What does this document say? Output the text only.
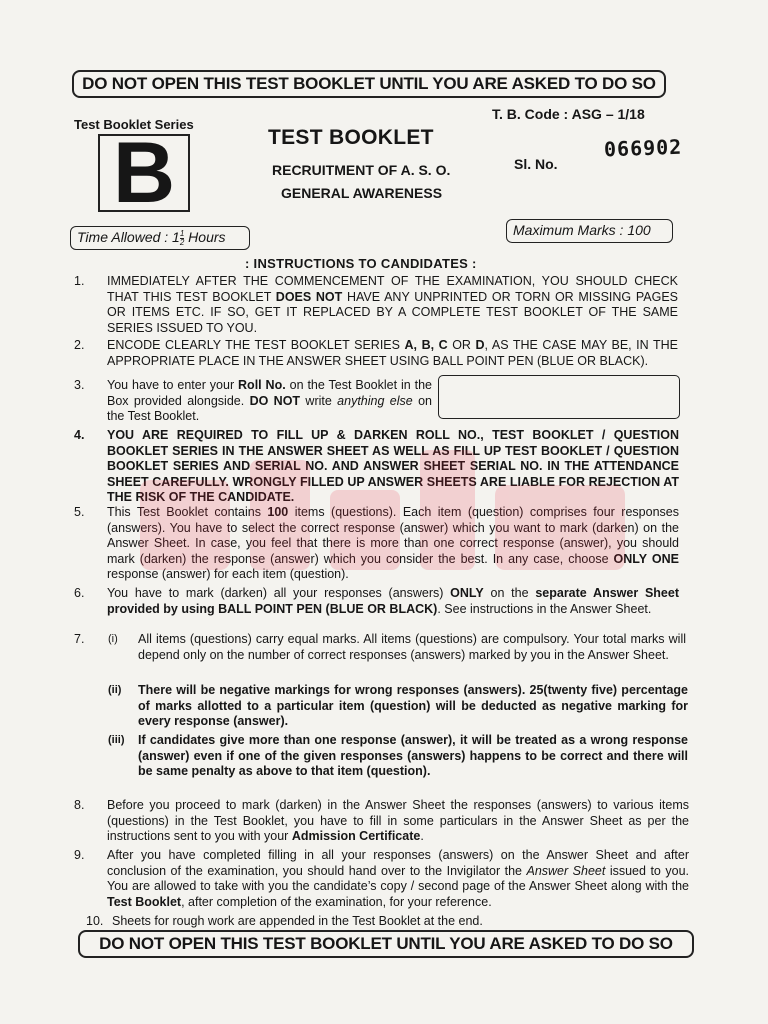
DO NOT OPEN THIS TEST BOOKLET UNTIL YOU ARE ASKED TO DO SO
Test Booklet Series
B	TEST BOOKLET
RECRUITMENT OF A. S. O.
GENERAL AWARENESS
T. B. Code : ASG – 1/18
Sl. No.
066902
Time Allowed : $1 \frac{1}{2}$ Hours	Maximum Marks : 100
: INSTRUCTIONS TO CANDIDATES :
1. IMMEDIATELY AFTER THE COMMENCEMENT OF THE EXAMINATION, YOU SHOULD CHECK THAT THIS TEST BOOKLET DOES NOT HAVE ANY UNPRINTED OR TORN OR MISSING PAGES OR ITEMS ETC. IF SO, GET IT REPLACED BY A COMPLETE TEST BOOKLET OF THE SAME SERIES ISSUED TO YOU.
2. ENCODE CLEARLY THE TEST BOOKLET SERIES A, B, C OR D, AS THE CASE MAY BE, IN THE APPROPRIATE PLACE IN THE ANSWER SHEET USING BALL POINT PEN (BLUE OR BLACK).
3. You have to enter your Roll No. on the Test Booklet in the Box provided alongside. DO NOT write anything else on the Test Booklet.
4. YOU ARE REQUIRED TO FILL UP & DARKEN ROLL NO., TEST BOOKLET / QUESTION BOOKLET SERIES IN THE ANSWER SHEET AS WELL AS FILL UP TEST BOOKLET / QUESTION BOOKLET SERIES AND SERIAL NO. AND ANSWER SHEET SERIAL NO. IN THE ATTENDANCE SHEET CAREFULLY. WRONGLY FILLED UP ANSWER SHEETS ARE LIABLE FOR REJECTION AT THE RISK OF THE CANDIDATE.
5. This Test Booklet contains 100 items (questions). Each item (question) comprises four responses (answers). You have to select the correct response (answer) which you want to mark (darken) on the Answer Sheet. In case, you feel that there is more than one correct response (answer), you should mark (darken) the response (answer) which you consider the best. In any case, choose ONLY ONE response (answer) for each item (question).
6. You have to mark (darken) all your responses (answers) ONLY on the separate Answer Sheet provided by using BALL POINT PEN (BLUE OR BLACK). See instructions in the Answer Sheet.
7. (i) All items (questions) carry equal marks. All items (questions) are compulsory. Your total marks will depend only on the number of correct responses (answers) marked by you in the Answer Sheet.
(ii) There will be negative markings for wrong responses (answers). 25(twenty five) percentage of marks allotted to a particular item (question) will be deducted as negative marking for every response (answer).
(iii) If candidates give more than one response (answer), it will be treated as a wrong response (answer) even if one of the given responses (answers) happens to be correct and there will be same penalty as above to that item (question).
8. Before you proceed to mark (darken) in the Answer Sheet the responses (answers) to various items (questions) in the Test Booklet, you have to fill in some particulars in the Answer Sheet as per the instructions sent to you with your Admission Certificate.
9. After you have completed filling in all your responses (answers) on the Answer Sheet and after conclusion of the examination, you should hand over to the Invigilator the Answer Sheet issued to you. You are allowed to take with you the candidate’s copy / second page of the Answer Sheet along with the Test Booklet, after completion of the examination, for your reference.
10. Sheets for rough work are appended in the Test Booklet at the end.
DO NOT OPEN THIS TEST BOOKLET UNTIL YOU ARE ASKED TO DO SO
